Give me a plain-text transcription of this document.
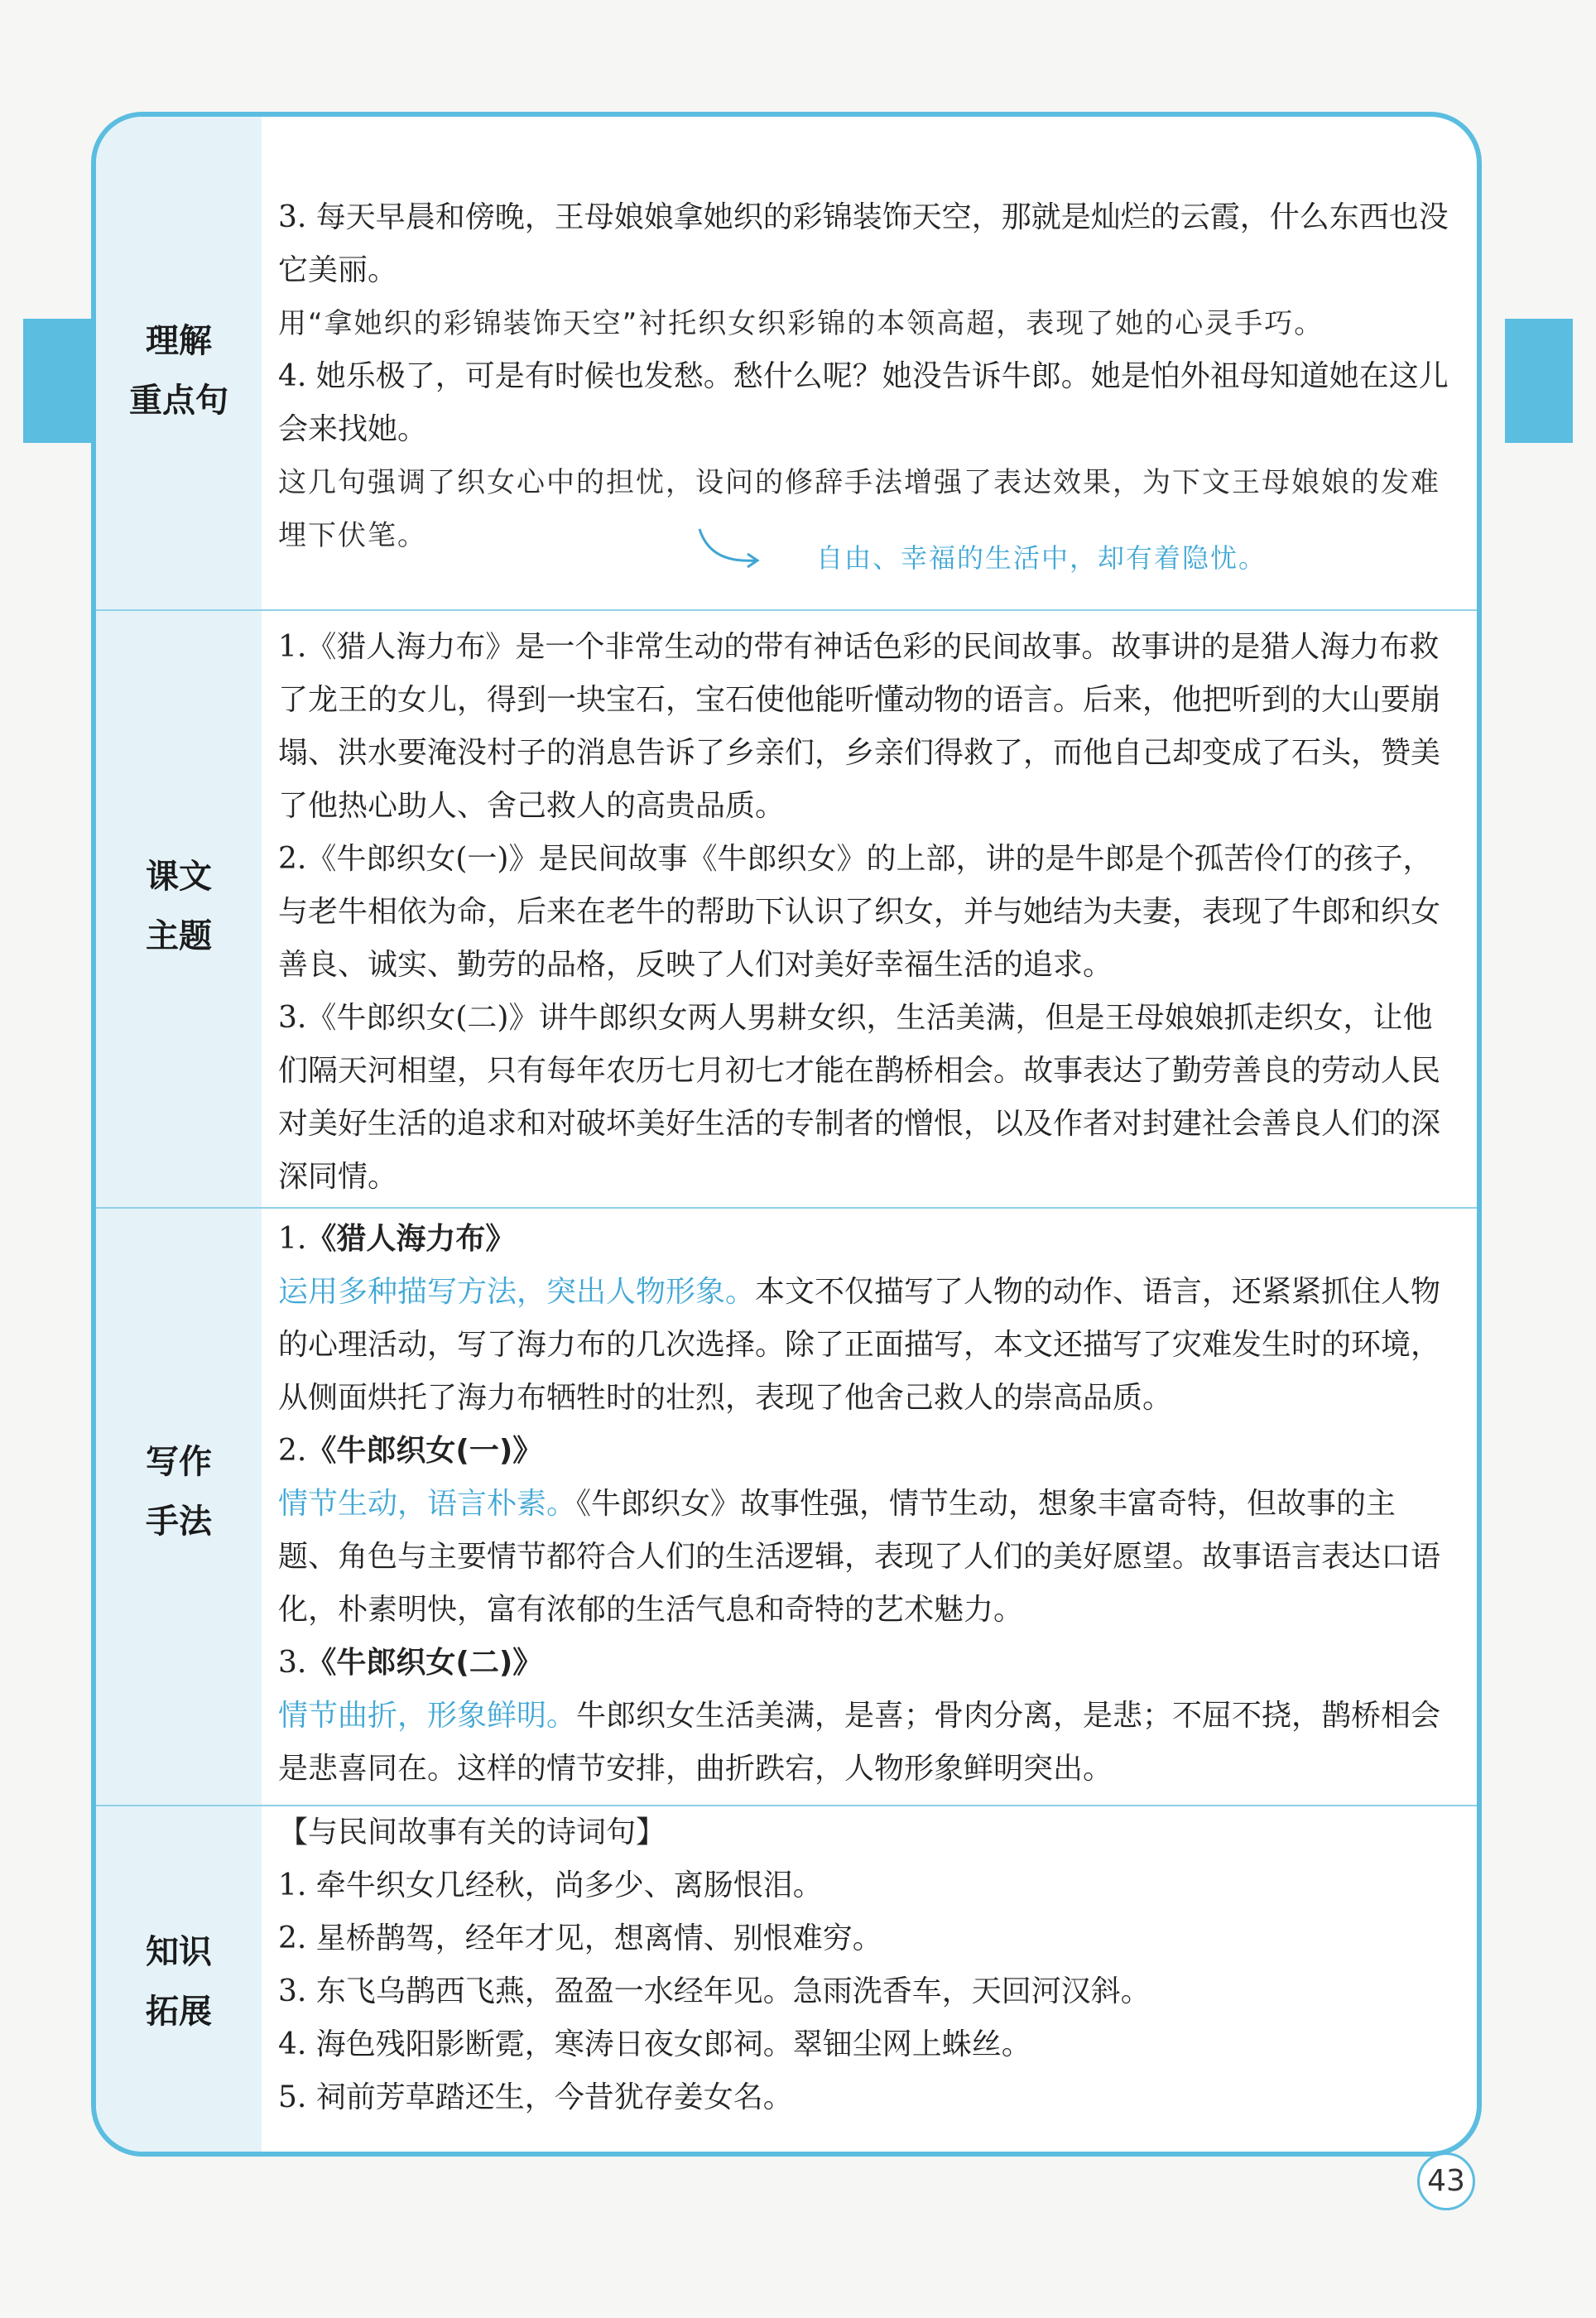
理解
重点句

3. 每天早晨和傍晚，王母娘娘拿她织的彩锦装饰天空，那就是灿烂的云霞，什么东西也没它美丽。

用“拿她织的彩锦装饰天空”衬托织女织彩锦的本领高超，表现了她的心灵手巧。

4. 她乐极了，可是有时候也发愁。愁什么呢？她没告诉牛郎。她是怕外祖母知道她在这儿会来找她。

这几句强调了织女心中的担忧，设问的修辞手法增强了表达效果，为下文王母娘娘的发难埋下伏笔。

自由、幸福的生活中，却有着隐忧。
课文
主题

1.《猎人海力布》是一个非常生动的带有神话色彩的民间故事。故事讲的是猎人海力布救了龙王的女儿，得到一块宝石，宝石使他能听懂动物的语言。后来，他把听到的大山要崩塌、洪水要淹没村子的消息告诉了乡亲们，乡亲们得救了，而他自己却变成了石头，赞美了他热心助人、舍己救人的高贵品质。

2.《牛郎织女(一)》是民间故事《牛郎织女》的上部，讲的是牛郎是个孤苦伶仃的孩子，与老牛相依为命，后来在老牛的帮助下认识了织女，并与她结为夫妻，表现了牛郎和织女善良、诚实、勤劳的品格，反映了人们对美好幸福生活的追求。

3.《牛郎织女(二)》讲牛郎织女两人男耕女织，生活美满，但是王母娘娘抓走织女，让他们隔天河相望，只有每年农历七月初七才能在鹊桥相会。故事表达了勤劳善良的劳动人民对美好生活的追求和对破坏美好生活的专制者的憎恨，以及作者对封建社会善良人们的深深同情。

写作
手法

1.《猎人海力布》

运用多种描写方法，突出人物形象。本文不仅描写了人物的动作、语言，还紧紧抓住人物的心理活动，写了海力布的几次选择。除了正面描写，本文还描写了灾难发生时的环境，从侧面烘托了海力布牺牲时的壮烈，表现了他舍己救人的崇高品质。

2.《牛郎织女(一)》

情节生动，语言朴素。《牛郎织女》故事性强，情节生动，想象丰富奇特，但故事的主题、角色与主要情节都符合人们的生活逻辑，表现了人们的美好愿望。故事语言表达口语化，朴素明快，富有浓郁的生活气息和奇特的艺术魅力。

3.《牛郎织女(二)》

情节曲折，形象鲜明。牛郎织女生活美满，是喜；骨肉分离，是悲；不屈不挠，鹊桥相会是悲喜同在。这样的情节安排，曲折跌宕，人物形象鲜明突出。

知识
拓展

【与民间故事有关的诗词句】

1. 牵牛织女几经秋，尚多少、离肠恨泪。

2. 星桥鹊驾，经年才见，想离情、别恨难穷。

3. 东飞乌鹊西飞燕，盈盈一水经年见。急雨洗香车，天回河汉斜。

4. 海色残阳影断霓，寒涛日夜女郎祠。翠钿尘网上蛛丝。

5. 祠前芳草踏还生，今昔犹存姜女名。

43
